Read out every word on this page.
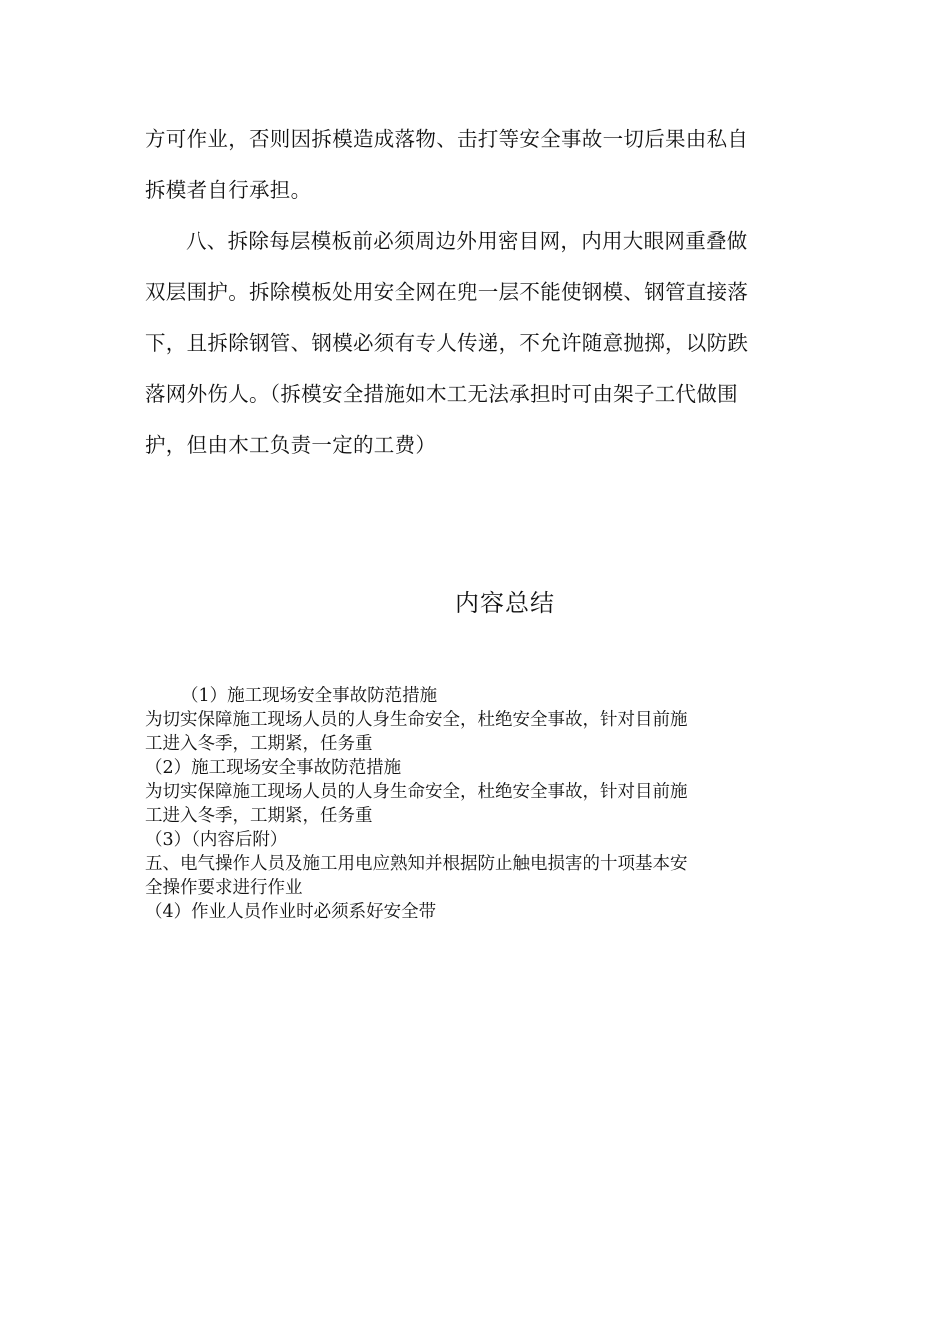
方可作业，否则因拆模造成落物、击打等安全事故一切后果由私自
拆模者自行承担。

八、拆除每层模板前必须周边外用密目网，内用大眼网重叠做
双层围护。拆除模板处用安全网在兜一层不能使钢模、钢管直接落
下，且拆除钢管、钢模必须有专人传递，不允许随意抛掷，以防跌
落网外伤人。（拆模安全措施如木工无法承担时可由架子工代做围
护，但由木工负责一定的工费）

内容总结
（1）施工现场安全事故防范措施
为切实保障施工现场人员的人身生命安全，杜绝安全事故，针对目前施
工进入冬季，工期紧，任务重
（2）施工现场安全事故防范措施
为切实保障施工现场人员的人身生命安全，杜绝安全事故，针对目前施
工进入冬季，工期紧，任务重
（3）（内容后附）
五、电气操作人员及施工用电应熟知并根据防止触电损害的十项基本安
全操作要求进行作业
（4）作业人员作业时必须系好安全带
